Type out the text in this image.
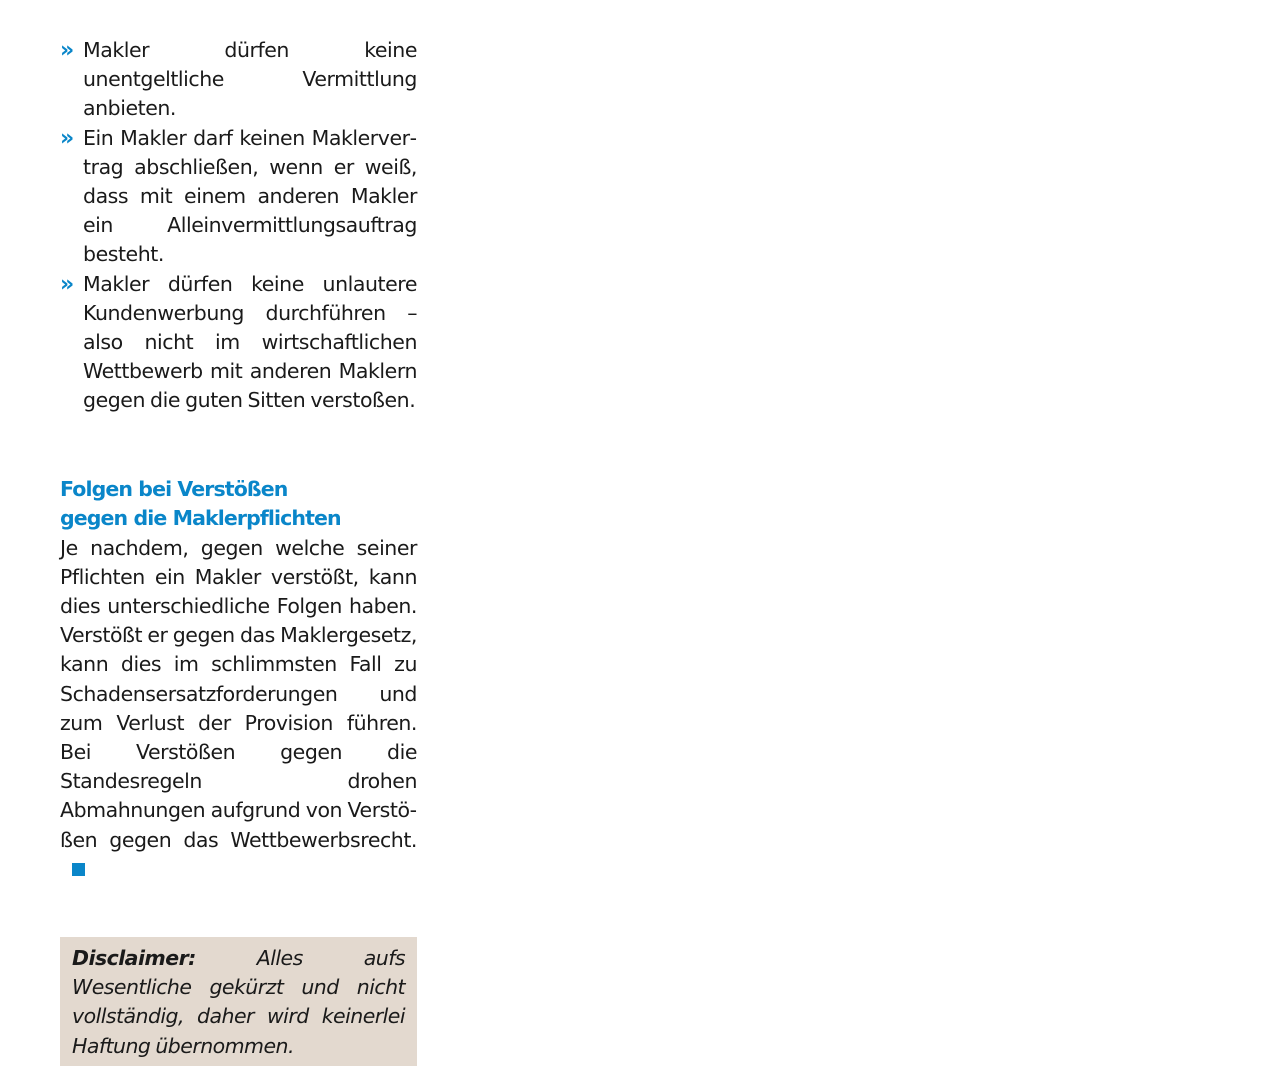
» Makler dürfen keine unentgeltliche Vermittlung anbieten.
» Ein Makler darf keinen Maklervertrag abschließen, wenn er weiß, dass mit einem anderen Makler ein Alleinvermittlungsauftrag besteht.
» Makler dürfen keine unlautere Kundenwerbung durchführen – also nicht im wirtschaftlichen Wettbewerb mit anderen Maklern gegen die guten Sitten verstoßen.
Folgen bei Verstößen
gegen die Maklerpflichten

Je nachdem, gegen welche seiner Pflichten ein Makler verstößt, kann dies unterschiedliche Folgen haben. Verstößt er gegen das Maklergesetz, kann dies im schlimmsten Fall zu Schadensersatzforderungen und zum Verlust der Provision führen. Bei Verstößen gegen die Standesregeln drohen Abmahnungen aufgrund von Verstößen gegen das Wettbewerbsrecht.

Disclaimer:	Alles aufs Wesentliche gekürzt und nicht vollständig, daher wird keinerlei Haftung übernommen.
